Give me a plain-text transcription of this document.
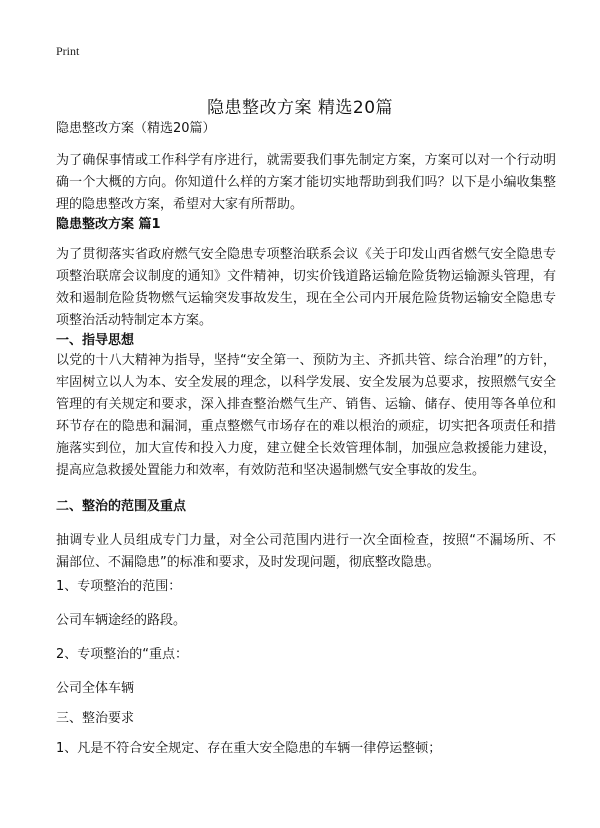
Print
隐患整改方案 精选20篇

隐患整改方案（精选20篇）

为了确保事情或工作科学有序进行，就需要我们事先制定方案，方案可以对一个行动明确一个大概的方向。你知道什么样的方案才能切实地帮助到我们吗？以下是小编收集整理的隐患整改方案，希望对大家有所帮助。

隐患整改方案 篇1

为了贯彻落实省政府燃气安全隐患专项整治联系会议《关于印发山西省燃气安全隐患专项整治联席会议制度的通知》文件精神，切实价钱道路运输危险货物运输源头管理，有效和遏制危险货物燃气运输突发事故发生，现在全公司内开展危险货物运输安全隐患专项整治活动特制定本方案。

一、指导思想

以党的十八大精神为指导，坚持“安全第一、预防为主、齐抓共管、综合治理”的方针，牢固树立以人为本、安全发展的理念，以科学发展、安全发展为总要求，按照燃气安全管理的有关规定和要求，深入排查整治燃气生产、销售、运输、储存、使用等各单位和环节存在的隐患和漏洞，重点整燃气市场存在的难以根治的顽症，切实把各项责任和措施落实到位，加大宣传和投入力度，建立健全长效管理体制，加强应急救援能力建设，提高应急救援处置能力和效率，有效防范和坚决遏制燃气安全事故的发生。

二、整治的范围及重点

抽调专业人员组成专门力量，对全公司范围内进行一次全面检查，按照“不漏场所、不漏部位、不漏隐患”的标准和要求，及时发现问题，彻底整改隐患。

1、专项整治的范围：

公司车辆途经的路段。

2、专项整治的“重点：

公司全体车辆

三、整治要求

1、凡是不符合安全规定、存在重大安全隐患的车辆一律停运整顿；
